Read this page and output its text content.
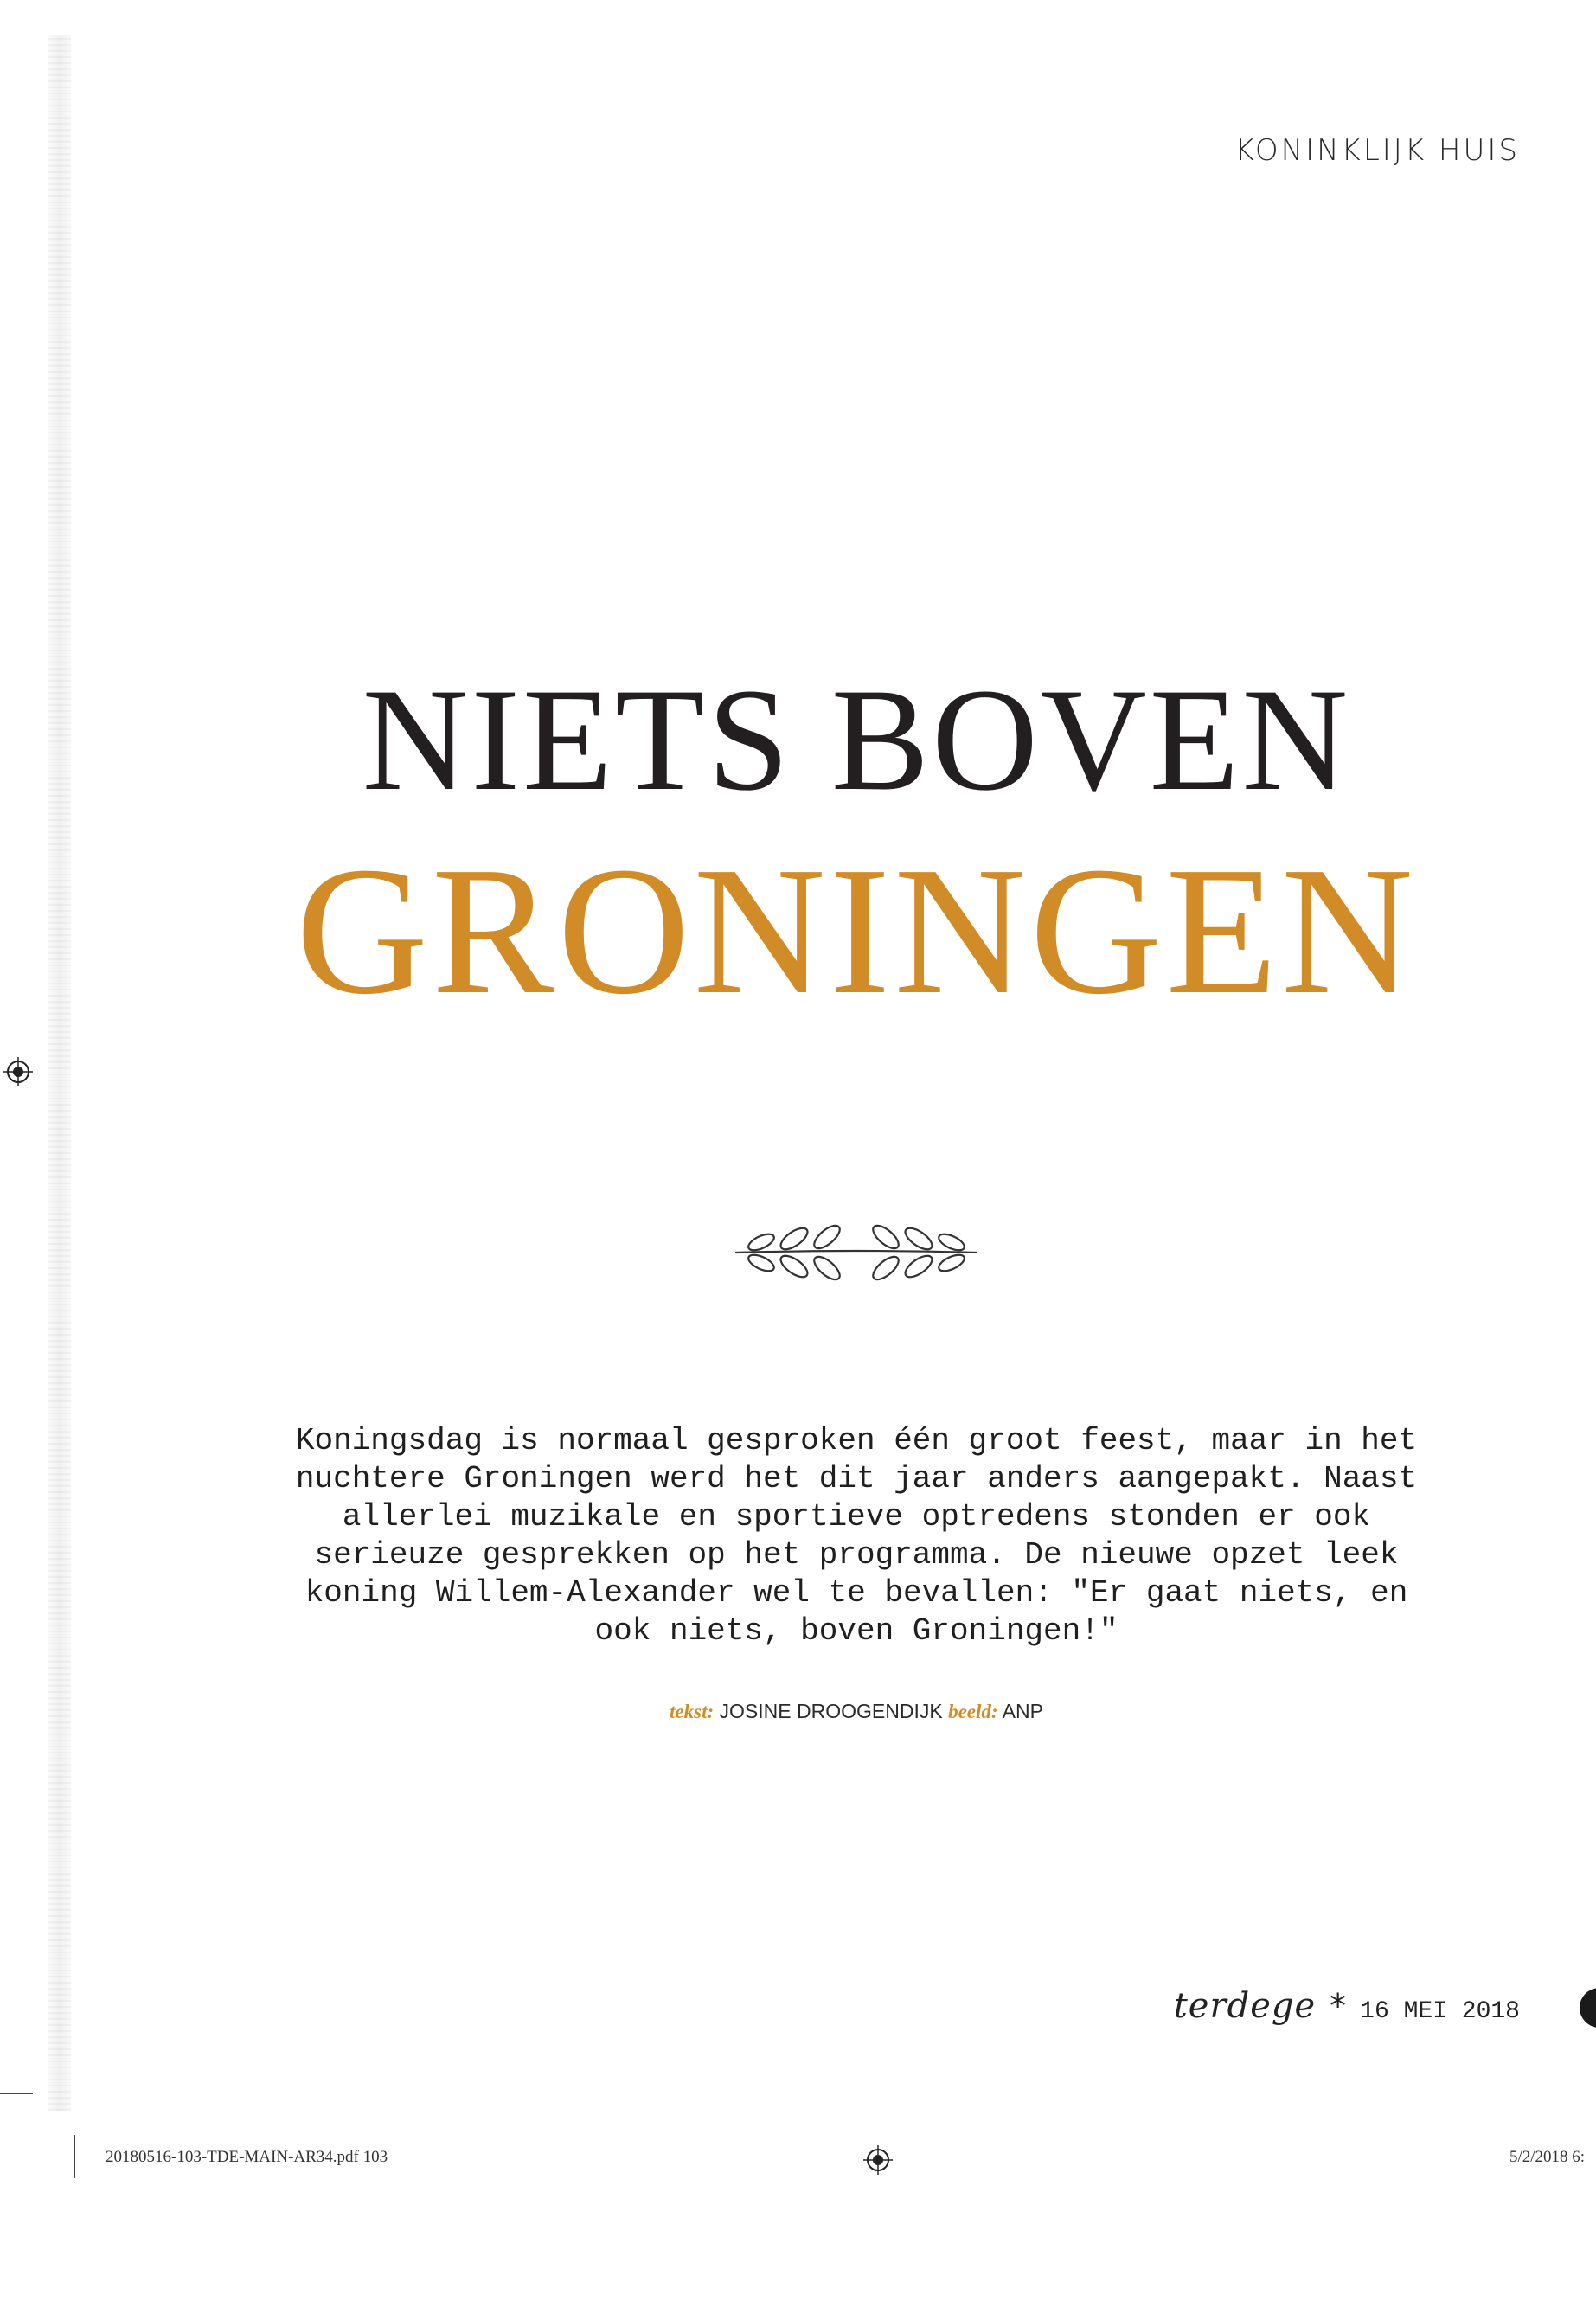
KONINKLIJK HUIS
NIETS BOVEN
GRONINGEN
Koningsdag is normaal gesproken één groot feest, maar in het nuchtere Groningen werd het dit jaar anders aangepakt. Naast allerlei muzikale en sportieve optredens stonden er ook serieuze gesprekken op het programma. De nieuwe opzet leek koning Willem-Alexander wel te bevallen: "Er gaat niets, en ook niets, boven Groningen!"
tekst: JOSINE DROOGENDIJK beeld: ANP
terdege * 16 MEI 2018
20180516-103-TDE-MAIN-AR34.pdf 103	5/2/2018 6:
